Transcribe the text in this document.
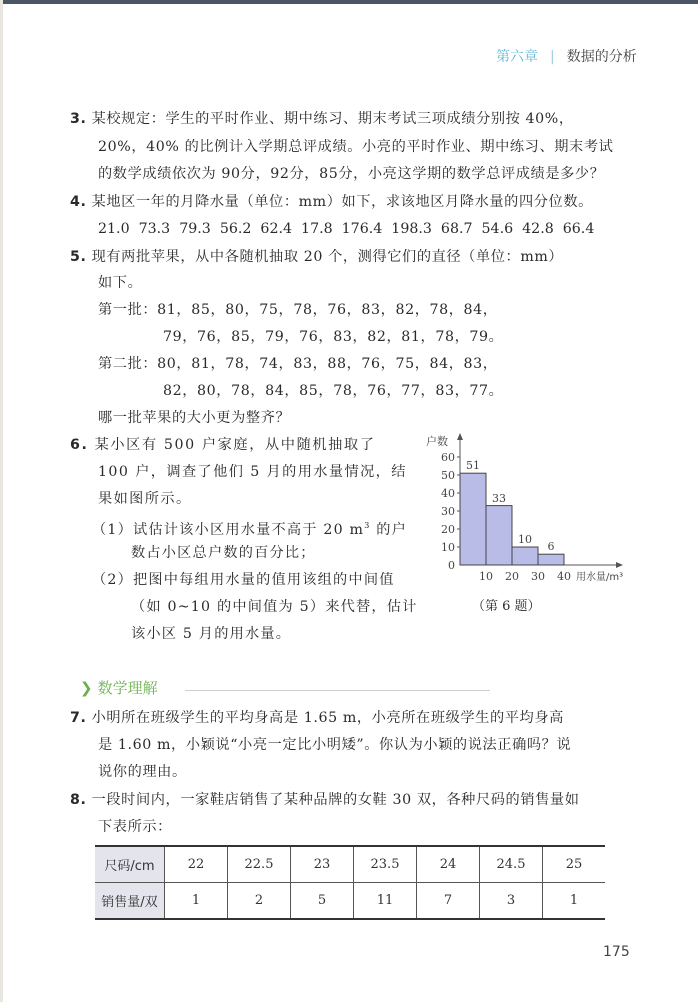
第六章 | 数据的分析
3. 某校规定：学生的平时作业、期中练习、期末考试三项成绩分别按 40%，
20%，40% 的比例计入学期总评成绩。小亮的平时作业、期中练习、期末考试
的数学成绩依次为 90分，92分，85分，小亮这学期的数学总评成绩是多少？
4. 某地区一年的月降水量（单位：mm）如下，求该地区月降水量的四分位数。
21.0  73.3  79.3  56.2  62.4  17.8  176.4  198.3  68.7  54.6  42.8  66.4
5. 现有两批苹果，从中各随机抽取 20 个，测得它们的直径（单位：mm）
如下。
第一批：81，85，80，75，78，76，83，82，78，84，
79，76，85，79，76，83，82，81，78，79。
第二批：80，81，78，74，83，88，76，75，84，83，
82，80，78，84，85，78，76，77，83，77。
哪一批苹果的大小更为整齐？
6. 某小区有 500 户家庭，从中随机抽取了
100 户，调查了他们 5 月的用水量情况，结
果如图所示。
（1）试估计该小区用水量不高于 20 $m^3$ 的户
数占小区总户数的百分比；
（2）把图中每组用水量的值用该组的中间值
（如 0~10 的中间值为 5）来代替，估计
该小区 5 月的用水量。
户数
51
33
10
6
0
10
20
30
40
50
60
10 20 30 40 用水量/m³
（第 6 题）
❯ 数学理解
7. 小明所在班级学生的平均身高是 1.65 m，小亮所在班级学生的平均身高
是 1.60 m，小颖说“小亮一定比小明矮”。你认为小颖的说法正确吗？说
说你的理由。
8. 一段时间内，一家鞋店销售了某种品牌的女鞋 30 双，各种尺码的销售量如
下表所示：
尺码/cm	22	22.5	23	23.5	24	24.5	25
销售量/双	1	2	5	11	7	3	1
175
